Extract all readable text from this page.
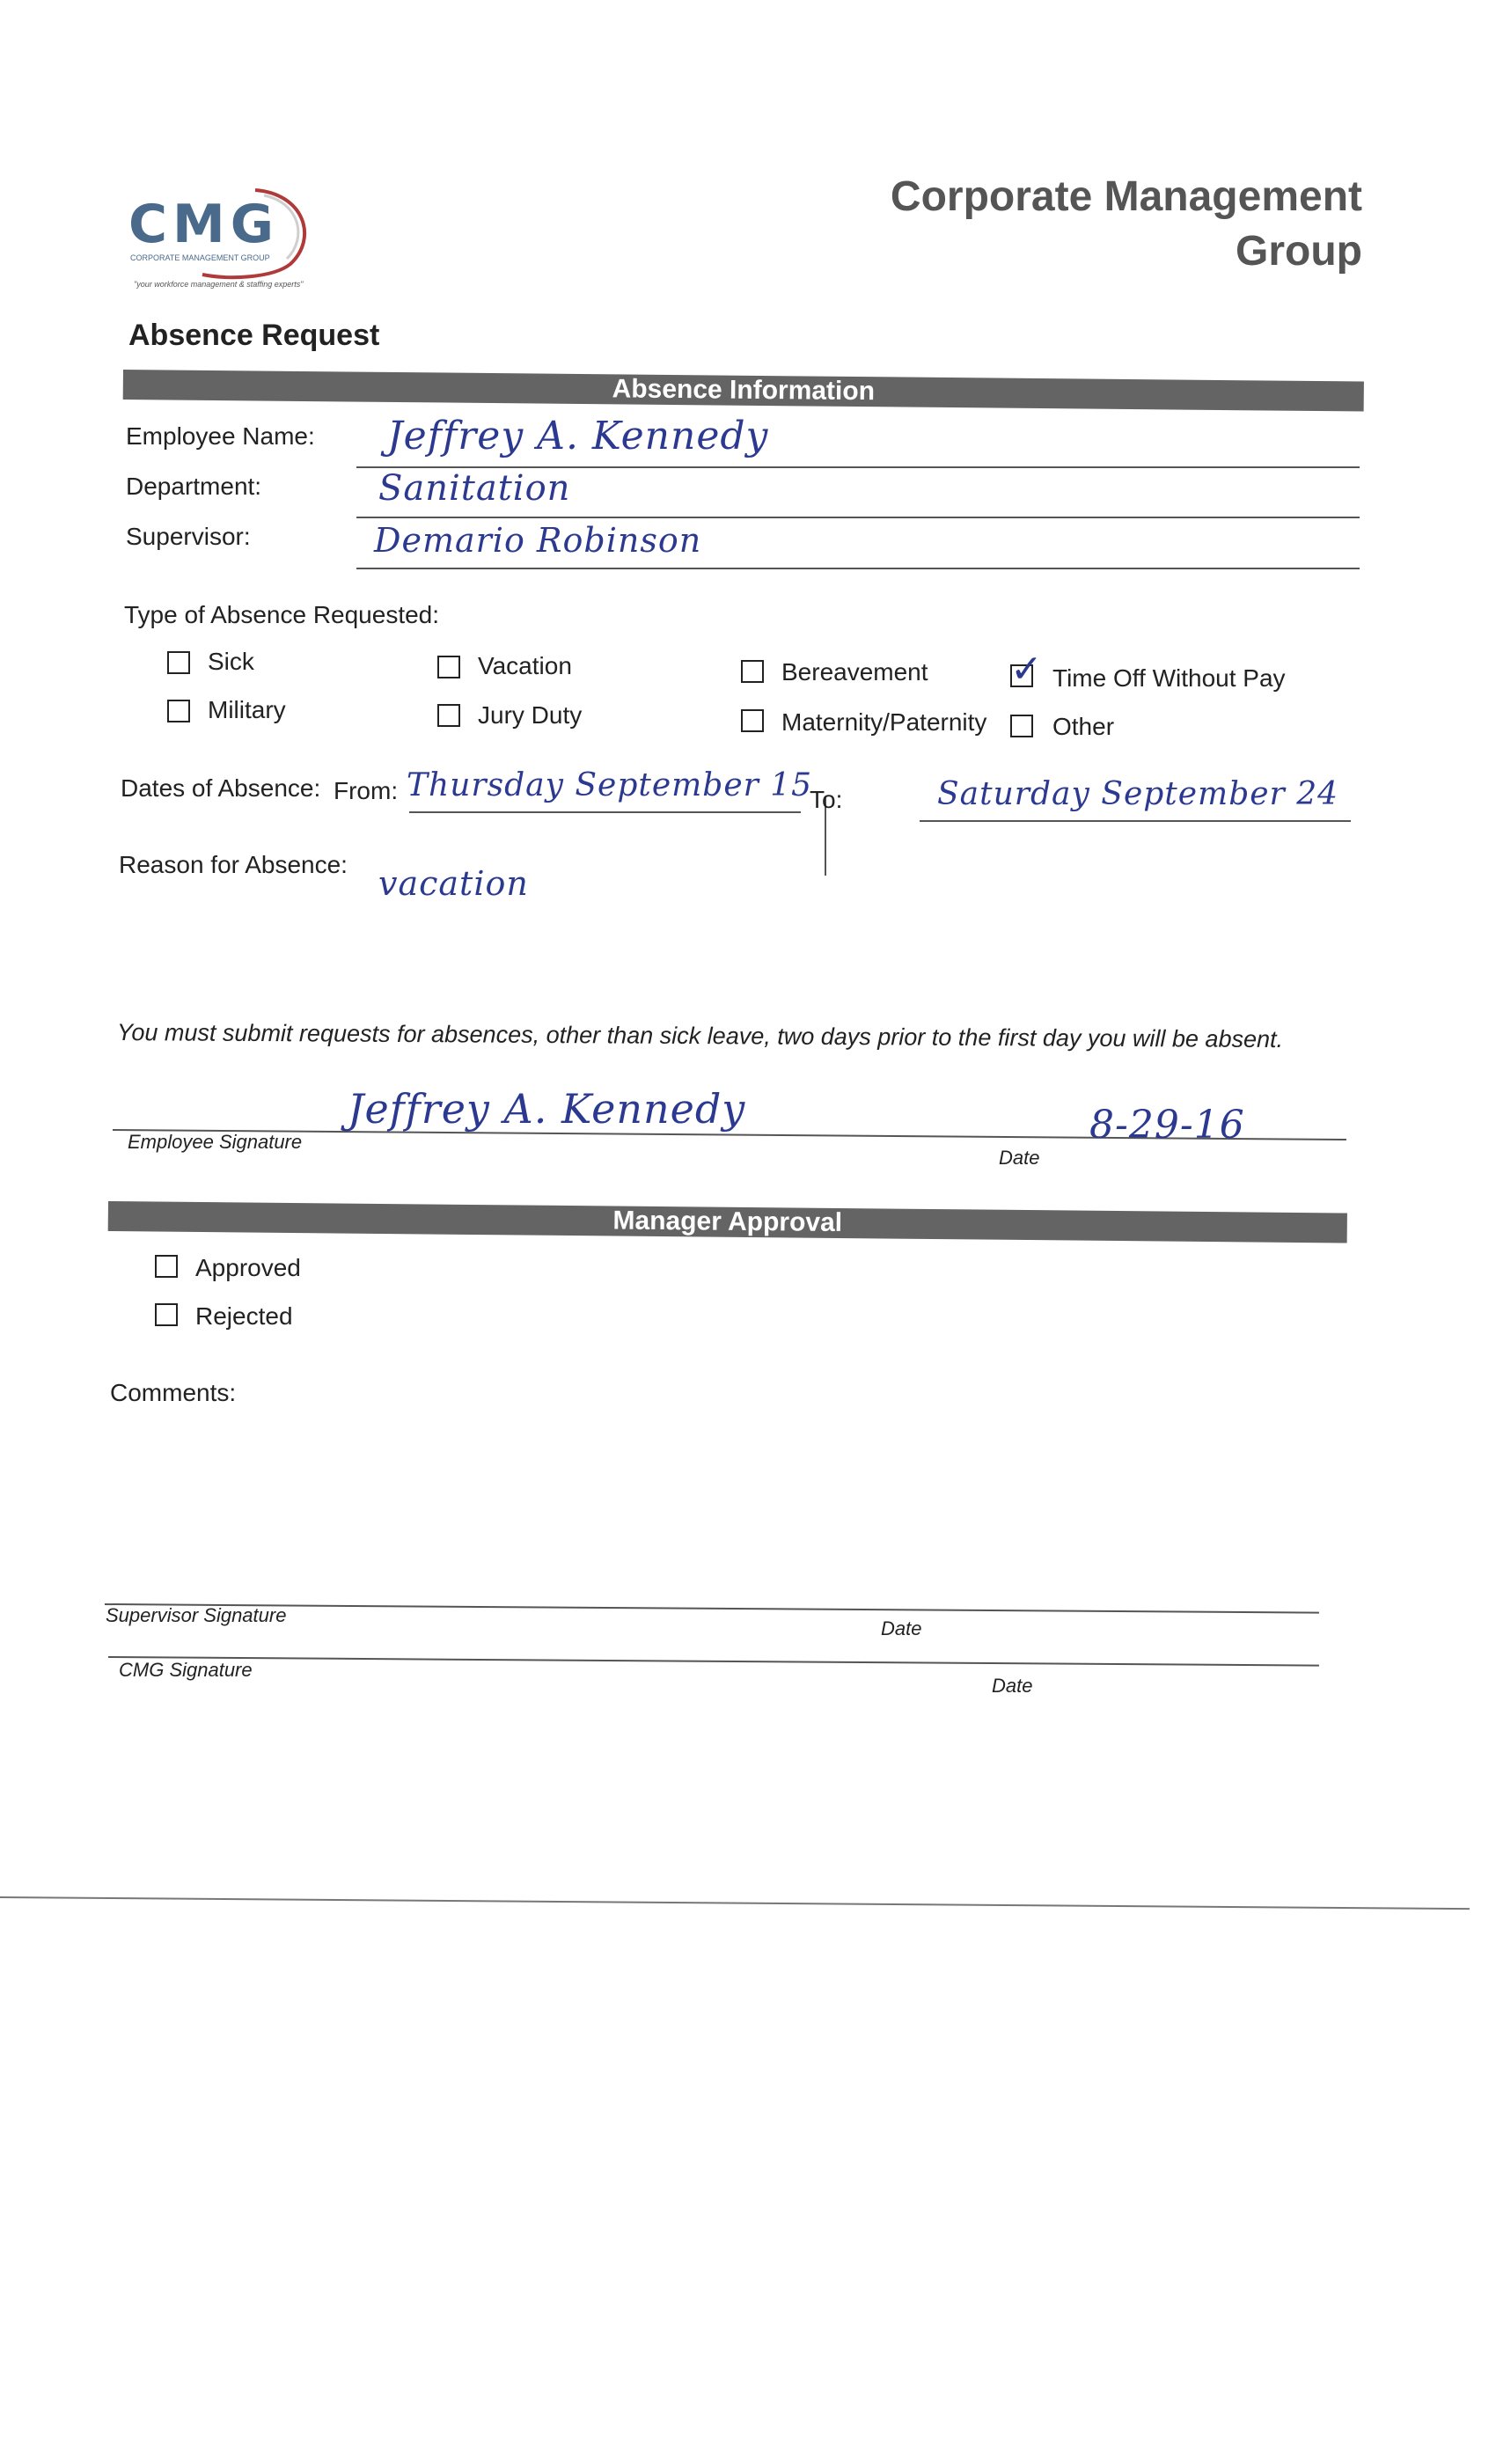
CMG
CORPORATE MANAGEMENT GROUP
"your workforce management & staffing experts"
Corporate Management
Group
Absence Request
Absence Information
Employee Name: Jeffrey A. Kennedy
Department:	Sanitation
Supervisor:	Demario Robinson
Type of Absence Requested:
Sick	Vacation	Bereavement ✓ Time Off Without Pay
Military	Jury Duty	Maternity/Paternity	Other
Dates of Absence: From: Thursday September 15
To:	Saturday September 24
Reason for Absence: vacation
You must submit requests for absences, other than sick leave, two days prior to the first day you will be absent.
Employee Signature
Jeffrey A. Kennedy
Date
8-29-16
Manager Approval
Approved
Rejected
Comments:
Supervisor Signature
Date
CMG Signature
Date
